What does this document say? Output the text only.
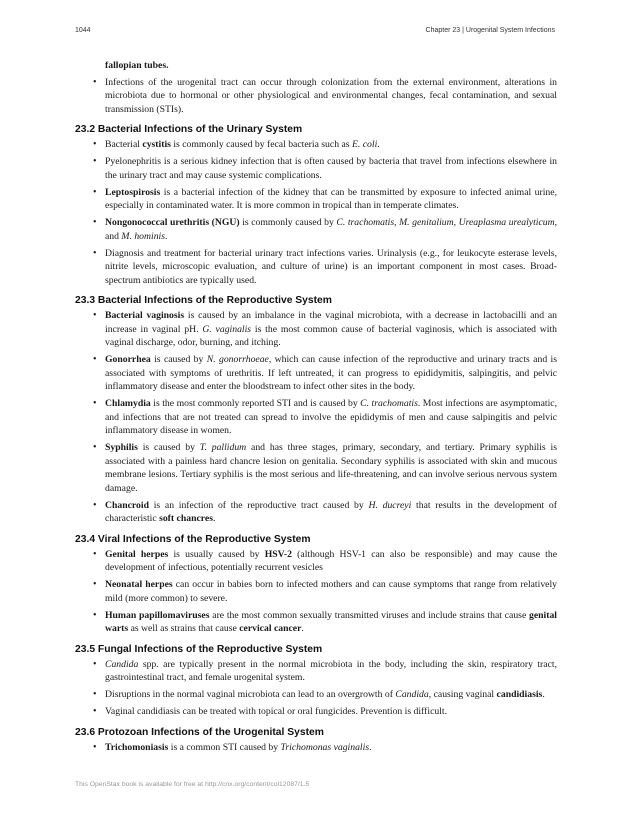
1044	Chapter 23 | Urogenital System Infections

fallopian tubes.

• Infections of the urogenital tract can occur through colonization from the external environment, alterations in microbiota due to hormonal or other physiological and environmental changes, fecal contamination, and sexual transmission (STIs).
23.2 Bacterial Infections of the Urinary System
• Bacterial cystitis is commonly caused by fecal bacteria such as E. coli.
• Pyelonephritis is a serious kidney infection that is often caused by bacteria that travel from infections elsewhere in the urinary tract and may cause systemic complications.
• Leptospirosis is a bacterial infection of the kidney that can be transmitted by exposure to infected animal urine, especially in contaminated water. It is more common in tropical than in temperate climates.
• Nongonococcal urethritis (NGU) is commonly caused by C. trachomatis, M. genitalium, Ureaplasma urealyticum, and M. hominis.
• Diagnosis and treatment for bacterial urinary tract infections varies. Urinalysis (e.g., for leukocyte esterase levels, nitrite levels, microscopic evaluation, and culture of urine) is an important component in most cases. Broad-spectrum antibiotics are typically used.
23.3 Bacterial Infections of the Reproductive System
• Bacterial vaginosis is caused by an imbalance in the vaginal microbiota, with a decrease in lactobacilli and an increase in vaginal pH. G. vaginalis is the most common cause of bacterial vaginosis, which is associated with vaginal discharge, odor, burning, and itching.
• Gonorrhea is caused by N. gonorrhoeae, which can cause infection of the reproductive and urinary tracts and is associated with symptoms of urethritis. If left untreated, it can progress to epididymitis, salpingitis, and pelvic inflammatory disease and enter the bloodstream to infect other sites in the body.
• Chlamydia is the most commonly reported STI and is caused by C. trachomatis. Most infections are asymptomatic, and infections that are not treated can spread to involve the epididymis of men and cause salpingitis and pelvic inflammatory disease in women.
• Syphilis is caused by T. pallidum and has three stages, primary, secondary, and tertiary. Primary syphilis is associated with a painless hard chancre lesion on genitalia. Secondary syphilis is associated with skin and mucous membrane lesions. Tertiary syphilis is the most serious and life-threatening, and can involve serious nervous system damage.
• Chancroid is an infection of the reproductive tract caused by H. ducreyi that results in the development of characteristic soft chancres.
23.4 Viral Infections of the Reproductive System
• Genital herpes is usually caused by HSV-2 (although HSV-1 can also be responsible) and may cause the development of infectious, potentially recurrent vesicles
• Neonatal herpes can occur in babies born to infected mothers and can cause symptoms that range from relatively mild (more common) to severe.
• Human papillomaviruses are the most common sexually transmitted viruses and include strains that cause genital warts as well as strains that cause cervical cancer.
23.5 Fungal Infections of the Reproductive System
• Candida spp. are typically present in the normal microbiota in the body, including the skin, respiratory tract, gastrointestinal tract, and female urogenital system.
• Disruptions in the normal vaginal microbiota can lead to an overgrowth of Candida, causing vaginal candidiasis.
• Vaginal candidiasis can be treated with topical or oral fungicides. Prevention is difficult.
23.6 Protozoan Infections of the Urogenital System
• Trichomoniasis is a common STI caused by Trichomonas vaginalis.
This OpenStax book is available for free at http://cnx.org/content/col12087/1.5
